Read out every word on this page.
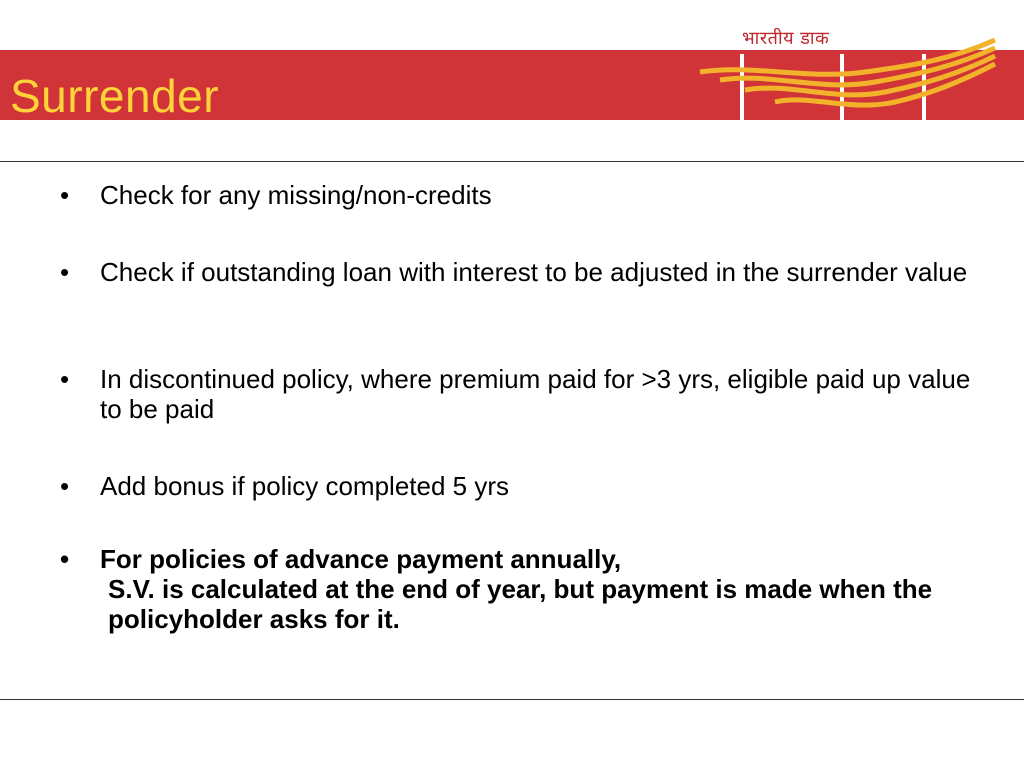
Surrender
भारतीय डाक
•	Check for any missing/non-credits
•	Check if outstanding loan with interest to be adjusted in the surrender value
•	In discontinued policy, where premium paid for >3 yrs, eligible paid up value to be paid
•	Add bonus if policy completed 5 yrs
•	For policies of advance payment annually,
S.V. is calculated at the end of year, but payment is made when the policyholder asks for it.
